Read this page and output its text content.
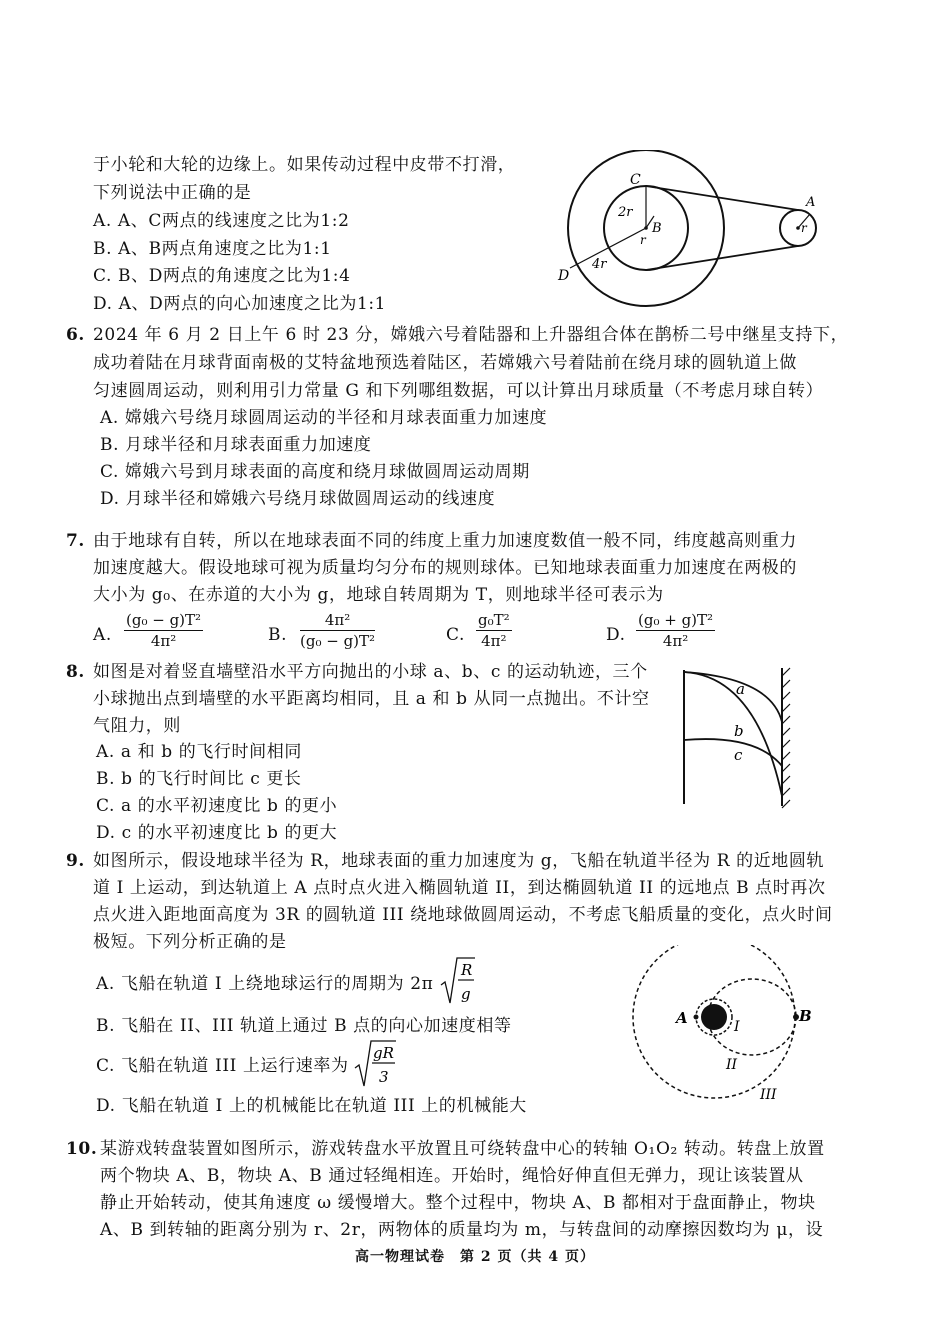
于小轮和大轮的边缘上。如果传动过程中皮带不打滑，
下列说法中正确的是
A. A、C两点的线速度之比为1:2
B. A、B两点角速度之比为1:1
C. B、D两点的角速度之比为1:4
D. A、D两点的向心加速度之比为1:1
C
2r
B
r
4r
D
A
r
6. 2024 年 6 月 2 日上午 6 时 23 分，嫦娥六号着陆器和上升器组合体在鹊桥二号中继星支持下，
成功着陆在月球背面南极的艾特盆地预选着陆区，若嫦娥六号着陆前在绕月球的圆轨道上做
匀速圆周运动，则利用引力常量 G 和下列哪组数据，可以计算出月球质量（不考虑月球自转）
A. 嫦娥六号绕月球圆周运动的半径和月球表面重力加速度
B. 月球半径和月球表面重力加速度
C. 嫦娥六号到月球表面的高度和绕月球做圆周运动周期
D. 月球半径和嫦娥六号绕月球做圆周运动的线速度
7. 由于地球有自转，所以在地球表面不同的纬度上重力加速度数值一般不同，纬度越高则重力
加速度越大。假设地球可视为质量均匀分布的规则球体。已知地球表面重力加速度在两极的
大小为 g₀、在赤道的大小为 g，地球自转周期为 T，则地球半径可表示为
A. $\frac{\text{(g₀ − g)T²}}{\text{4π²}}$	B. $\frac{\text{4π²}}{\text{(g₀ − g)T²}}$	C. $\frac{\text{g₀T²}}{\text{4π²}}$	D. $\frac{\text{(g₀ + g)T²}}{\text{4π²}}$
8. 如图是对着竖直墙壁沿水平方向抛出的小球 a、b、c 的运动轨迹，三个
小球抛出点到墙壁的水平距离均相同，且 a 和 b 从同一点抛出。不计空
气阻力，则
A. a 和 b 的飞行时间相同
B. b 的飞行时间比 c 更长
C. a 的水平初速度比 b 的更小
D. c 的水平初速度比 b 的更大
a
b
c
9. 如图所示，假设地球半径为 R，地球表面的重力加速度为 g，飞船在轨道半径为 R 的近地圆轨
道 I 上运动，到达轨道上 A 点时点火进入椭圆轨道 II，到达椭圆轨道 II 的远地点 B 点时再次
点火进入距地面高度为 3R 的圆轨道 III 绕地球做圆周运动，不考虑飞船质量的变化，点火时间
极短。下列分析正确的是
A. 飞船在轨道 I 上绕地球运行的周期为 2π
R
g
B. 飞船在 II、III 轨道上通过 B 点的向心加速度相等
C. 飞船在轨道 III 上运行速率为
gR
3
D. 飞船在轨道 I 上的机械能比在轨道 III 上的机械能大
A	B
I
II
III
10. 某游戏转盘装置如图所示，游戏转盘水平放置且可绕转盘中心的转轴 O₁O₂ 转动。转盘上放置
两个物块 A、B，物块 A、B 通过轻绳相连。开始时，绳恰好伸直但无弹力，现让该装置从
静止开始转动，使其角速度 ω 缓慢增大。整个过程中，物块 A、B 都相对于盘面静止，物块
A、B 到转轴的距离分别为 r、2r，两物体的质量均为 m，与转盘间的动摩擦因数均为 μ，设
高一物理试卷　第 2 页（共 4 页）
